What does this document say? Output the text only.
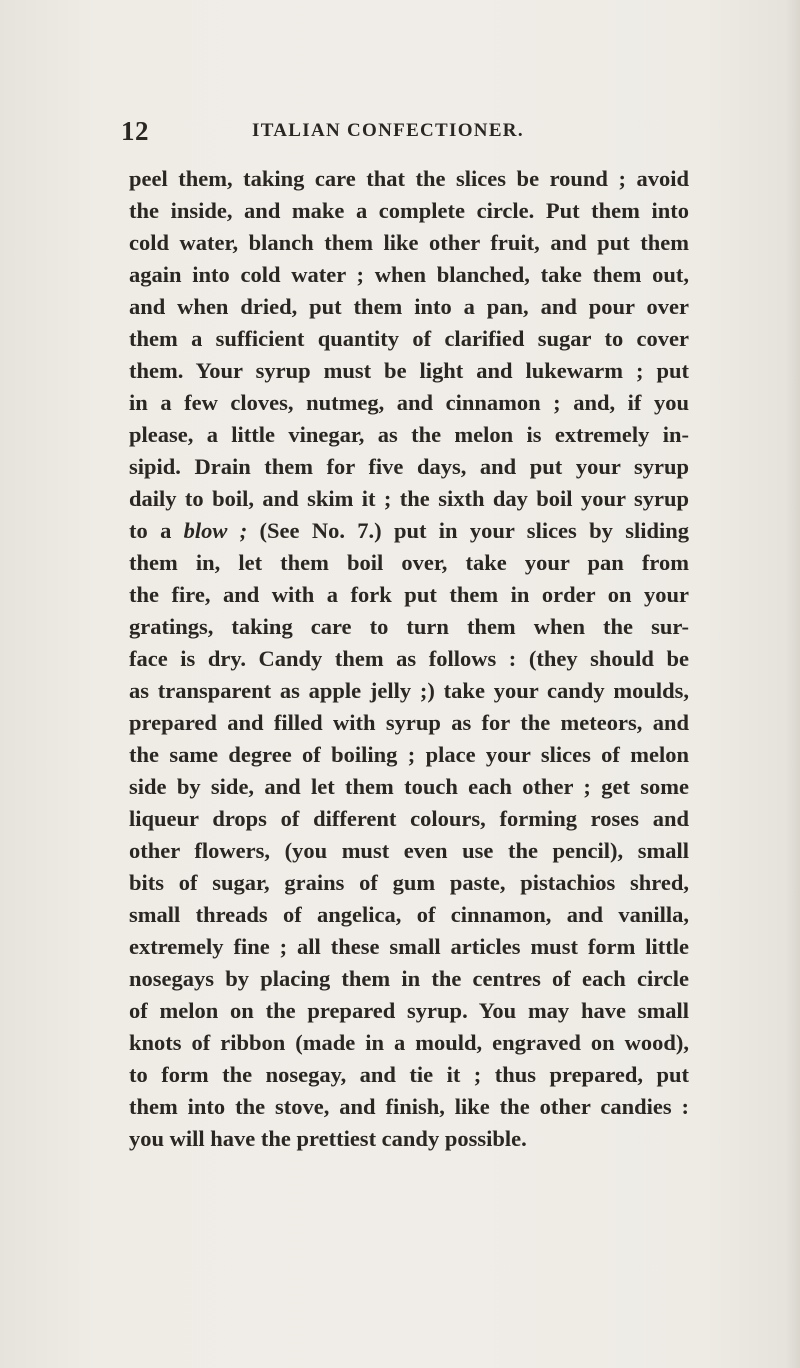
12	ITALIAN CONFECTIONER.
peel them, taking care that the slices be round ; avoid
the inside, and make a complete circle. Put them into
cold water, blanch them like other fruit, and put them
again into cold water ; when blanched, take them out,
and when dried, put them into a pan, and pour over
them a sufficient quantity of clarified sugar to cover
them. Your syrup must be light and lukewarm ; put
in a few cloves, nutmeg, and cinnamon ; and, if you
please, a little vinegar, as the melon is extremely in-
sipid. Drain them for five days, and put your syrup
daily to boil, and skim it ; the sixth day boil your syrup
to a blow ; (See No. 7.) put in your slices by sliding
them in, let them boil over, take your pan from
the fire, and with a fork put them in order on your
gratings, taking care to turn them when the sur-
face is dry. Candy them as follows : (they should be
as transparent as apple jelly ;) take your candy moulds,
prepared and filled with syrup as for the meteors, and
the same degree of boiling ; place your slices of melon
side by side, and let them touch each other ; get some
liqueur drops of different colours, forming roses and
other flowers, (you must even use the pencil), small
bits of sugar, grains of gum paste, pistachios shred,
small threads of angelica, of cinnamon, and vanilla,
extremely fine ; all these small articles must form little
nosegays by placing them in the centres of each circle
of melon on the prepared syrup. You may have small
knots of ribbon (made in a mould, engraved on wood),
to form the nosegay, and tie it ; thus prepared, put
them into the stove, and finish, like the other candies :
you will have the prettiest candy possible.
